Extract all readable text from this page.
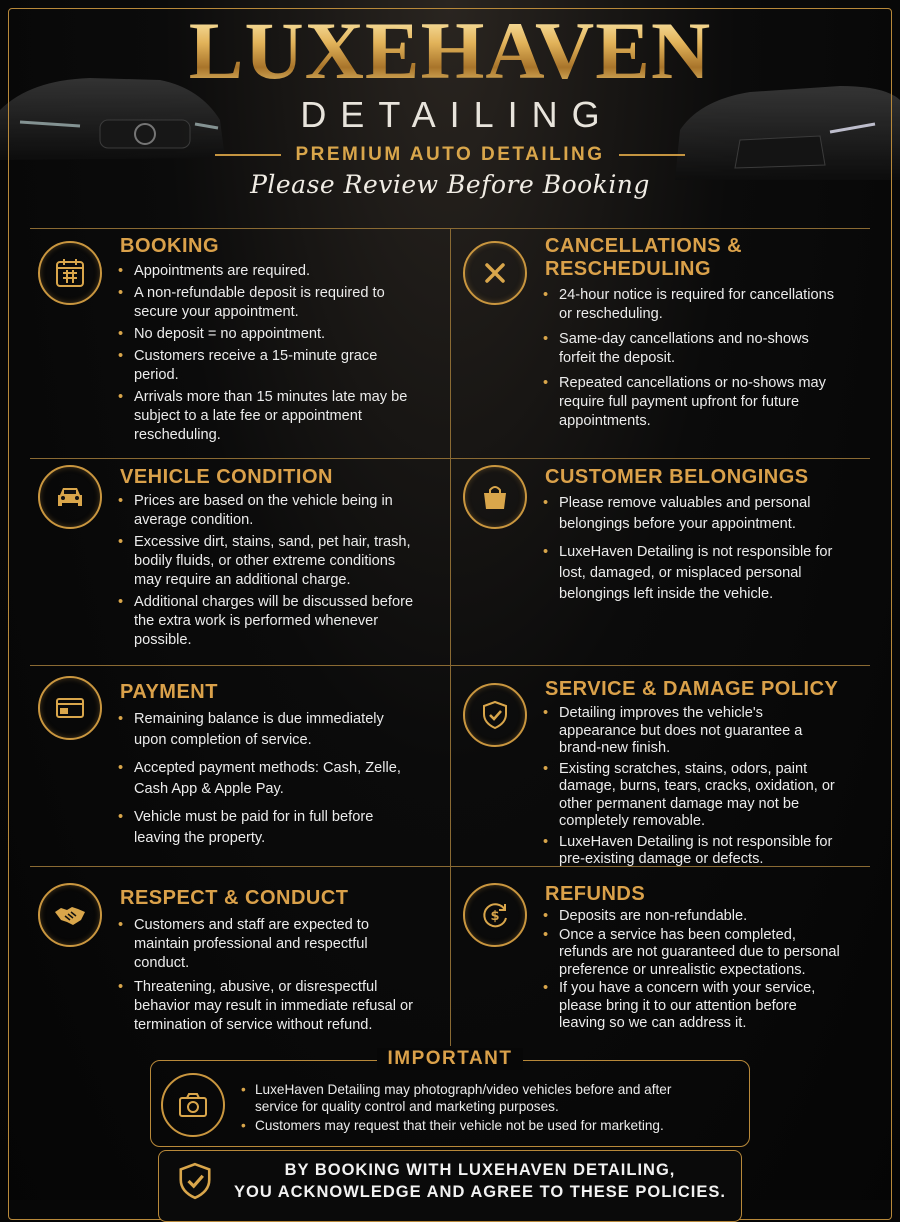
LUXEHAVEN
DETAILING
PREMIUM AUTO DETAILING
Please Review Before Booking
BOOKING
• Appointments are required.
• A non-refundable deposit is required to secure your appointment.
• No deposit = no appointment.
• Customers receive a 15-minute grace period.
• Arrivals more than 15 minutes late may be subject to a late fee or appointment rescheduling.
CANCELLATIONS & RESCHEDULING
• 24-hour notice is required for cancellations or rescheduling.
• Same-day cancellations and no-shows forfeit the deposit.
• Repeated cancellations or no-shows may require full payment upfront for future appointments.
VEHICLE CONDITION
• Prices are based on the vehicle being in average condition.
• Excessive dirt, stains, sand, pet hair, trash, bodily fluids, or other extreme conditions may require an additional charge.
• Additional charges will be discussed before the extra work is performed whenever possible.
CUSTOMER BELONGINGS
• Please remove valuables and personal belongings before your appointment.
• LuxeHaven Detailing is not responsible for lost, damaged, or misplaced personal belongings left inside the vehicle.
PAYMENT
• Remaining balance is due immediately upon completion of service.
• Accepted payment methods: Cash, Zelle, Cash App & Apple Pay.
• Vehicle must be paid for in full before leaving the property.
SERVICE & DAMAGE POLICY
• Detailing improves the vehicle's appearance but does not guarantee a brand-new finish.
• Existing scratches, stains, odors, paint damage, burns, tears, cracks, oxidation, or other permanent damage may not be completely removable.
• LuxeHaven Detailing is not responsible for pre-existing damage or defects.
RESPECT & CONDUCT
• Customers and staff are expected to maintain professional and respectful conduct.
• Threatening, abusive, or disrespectful behavior may result in immediate refusal or termination of service without refund.
$
REFUNDS
• Deposits are non-refundable.
• Once a service has been completed, refunds are not guaranteed due to personal preference or unrealistic expectations.
• If you have a concern with your service, please bring it to our attention before leaving so we can address it.
IMPORTANT
• LuxeHaven Detailing may photograph/video vehicles before and after service for quality control and marketing purposes.
• Customers may request that their vehicle not be used for marketing.
BY BOOKING WITH LUXEHAVEN DETAILING,
YOU ACKNOWLEDGE AND AGREE TO THESE POLICIES.
